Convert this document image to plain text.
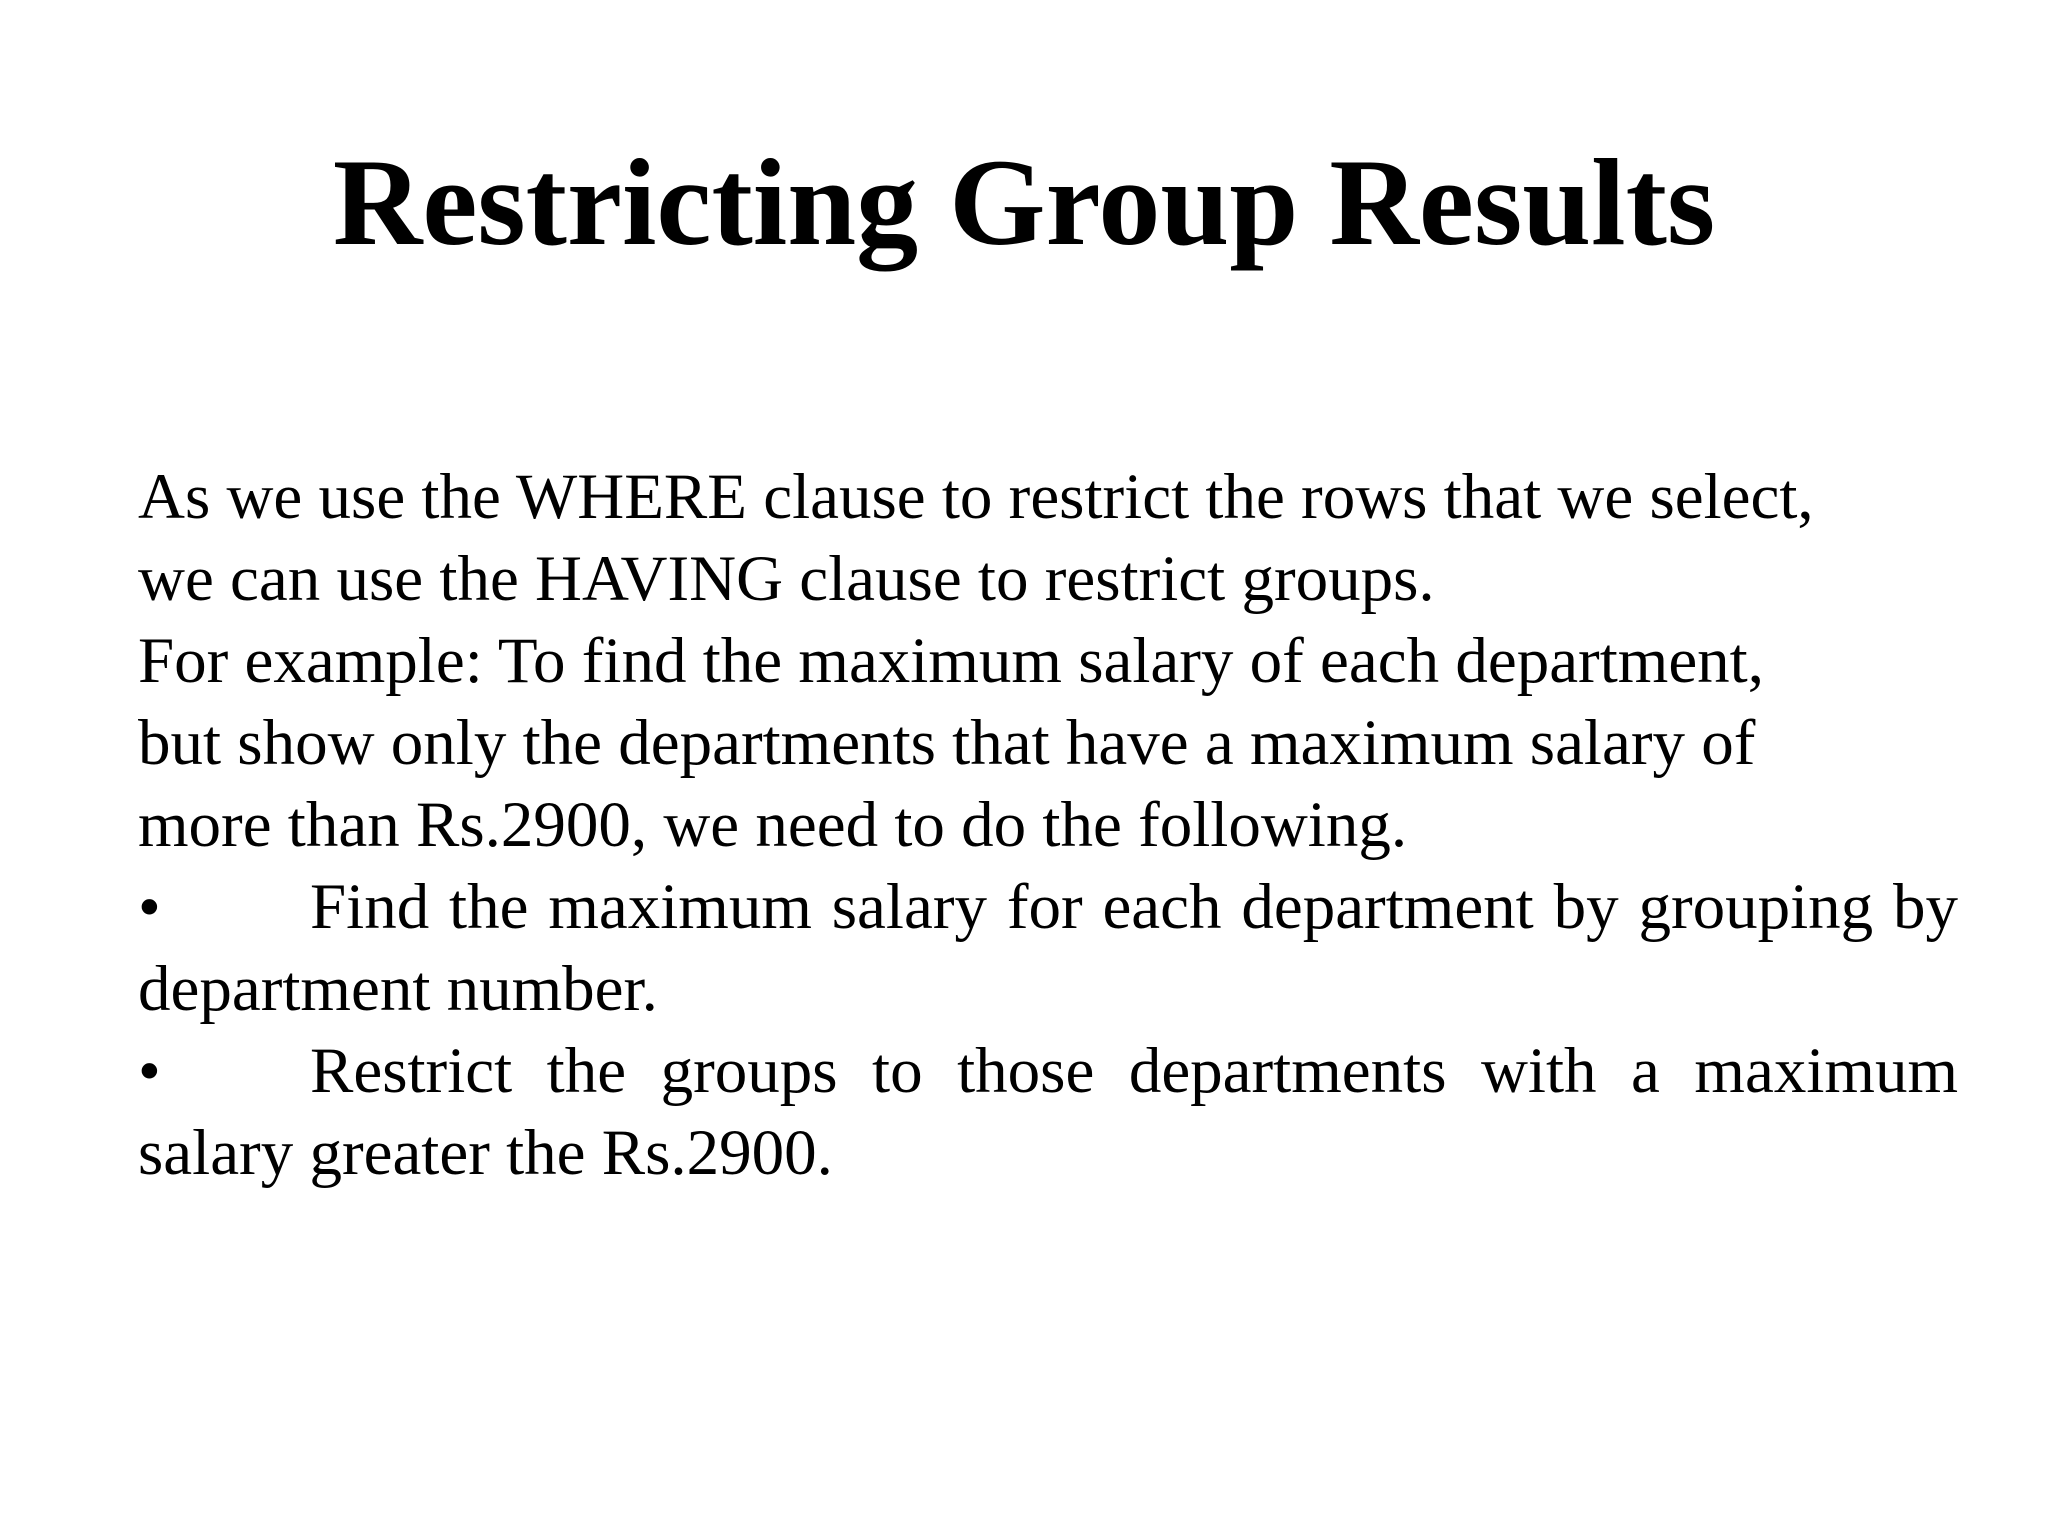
Restricting Group Results

As we use the WHERE clause to restrict the rows that we select,
we can use the HAVING clause to restrict groups.
For example: To find the maximum salary of each department,
but show only the departments that have a maximum salary of
more than Rs.2900, we need to do the following.

• Find the maximum salary for each department by grouping by department number.

• Restrict the groups to those departments with a maximum salary greater the Rs.2900.
